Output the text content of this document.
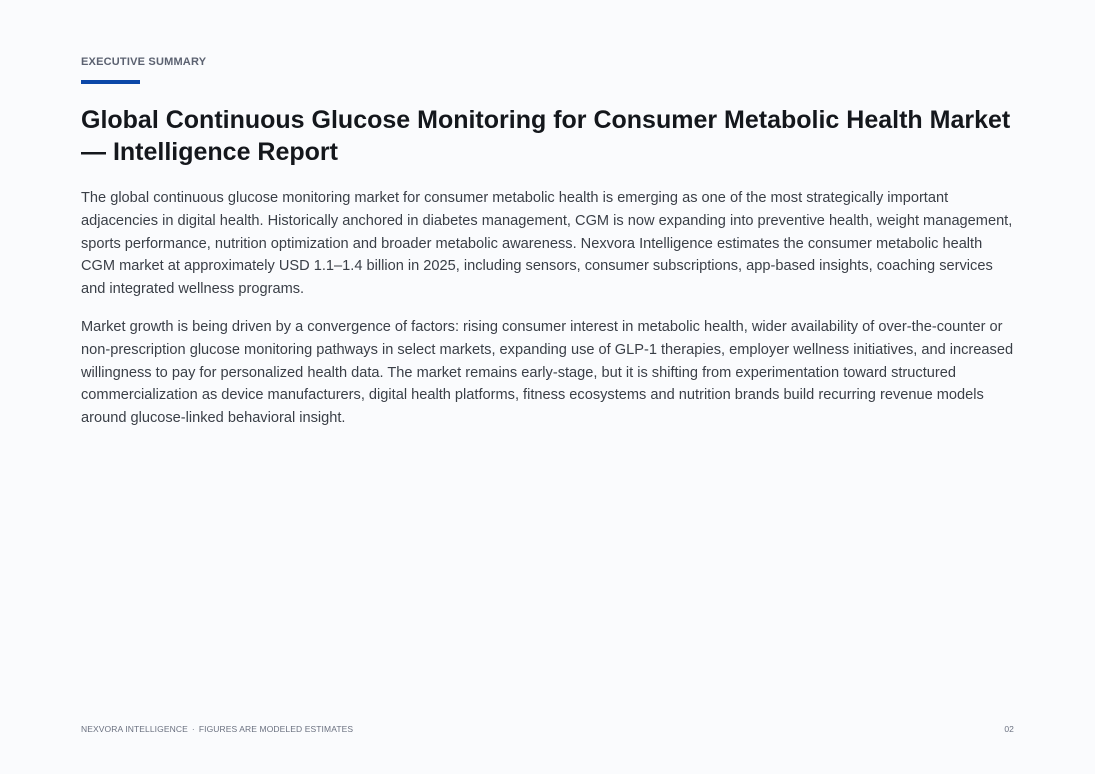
EXECUTIVE SUMMARY
Global Continuous Glucose Monitoring for Consumer Metabolic Health Market — Intelligence Report

The global continuous glucose monitoring market for consumer metabolic health is emerging as one of the most strategically important adjacencies in digital health. Historically anchored in diabetes management, CGM is now expanding into preventive health, weight management, sports performance, nutrition optimization and broader metabolic awareness. Nexvora Intelligence estimates the consumer metabolic health CGM market at approximately USD 1.1–1.4 billion in 2025, including sensors, consumer subscriptions, app-based insights, coaching services and integrated wellness programs.

Market growth is being driven by a convergence of factors: rising consumer interest in metabolic health, wider availability of over-the-counter or non-prescription glucose monitoring pathways in select markets, expanding use of GLP-1 therapies, employer wellness initiatives, and increased willingness to pay for personalized health data. The market remains early-stage, but it is shifting from experimentation toward structured commercialization as device manufacturers, digital health platforms, fitness ecosystems and nutrition brands build recurring revenue models around glucose-linked behavioral insight.

NEXVORA INTELLIGENCE · FIGURES ARE MODELED ESTIMATES	02
